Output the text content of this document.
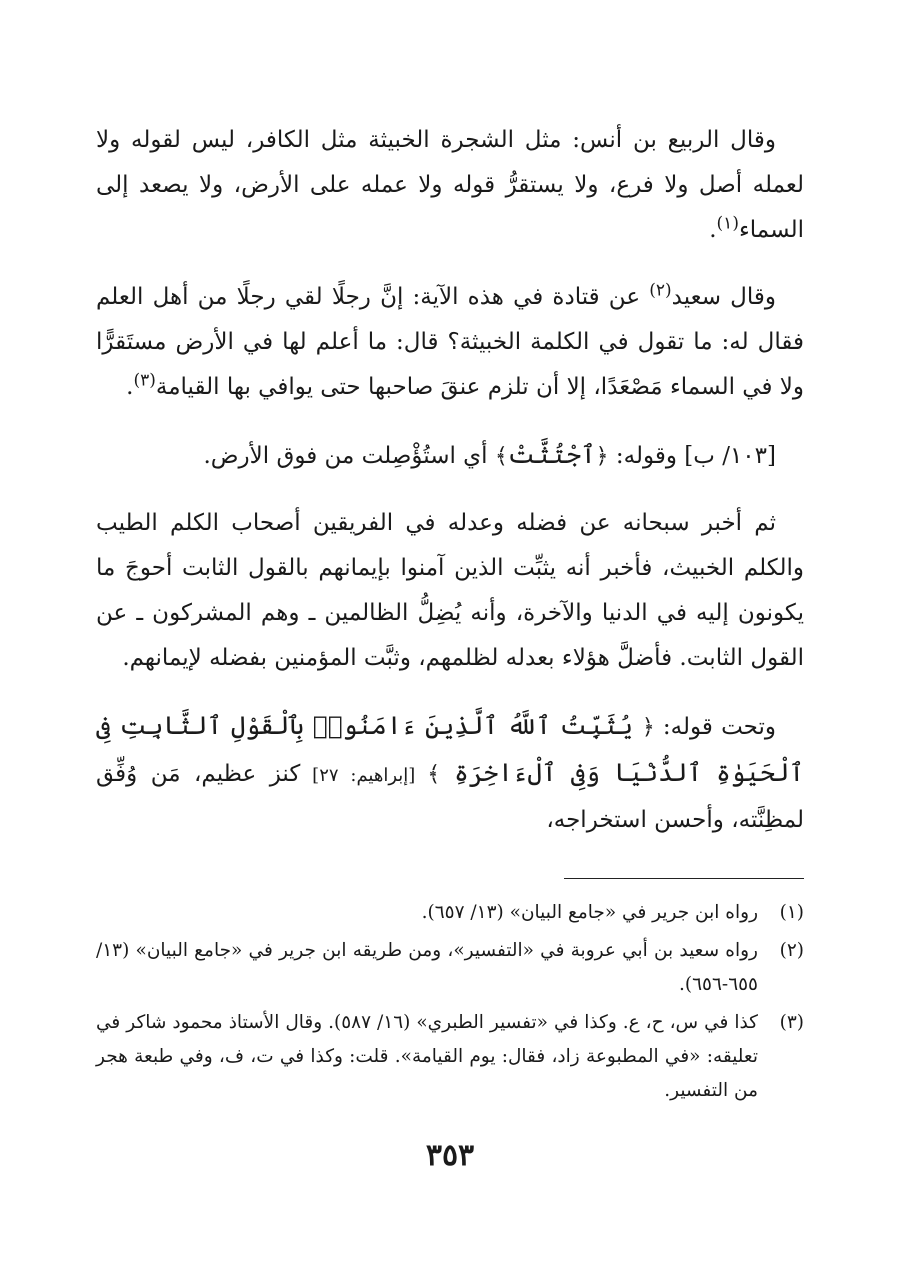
وقال الربيع بن أنس: مثل الشجرة الخبيثة مثل الكافر، ليس لقوله ولا لعمله أصل ولا فرع، ولا يستقرُّ قوله ولا عمله على الأرض، ولا يصعد إلى السماء$^{(١)}$.

وقال سعيد$^{(٢)}$ عن قتادة في هذه الآية: إنَّ رجلًا لقي رجلًا من أهل العلم فقال له: ما تقول في الكلمة الخبيثة؟ قال: ما أعلم لها في الأرض مستَقرًّا ولا في السماء مَصْعَدًا، إلا أن تلزم عنقَ صاحبها حتى يوافي بها القيامة$^{(٣)}$.

[١٠٣/ ب] وقوله: ﴿ٱجْتُثَّتْ﴾ أي استُؤْصِلت من فوق الأرض.

ثم أخبر سبحانه عن فضله وعدله في الفريقين أصحاب الكلم الطيب والكلم الخبيث، فأخبر أنه يثبِّت الذين آمنوا بإيمانهم بالقول الثابت أحوجَ ما يكونون إليه في الدنيا والآخرة، وأنه يُضِلُّ الظالمين ـ وهم المشركون ـ عن القول الثابت. فأضلَّ هؤلاء بعدله لظلمهم، وثبَّت المؤمنين بفضله لإيمانهم.

وتحت قوله: ﴿ يُثَبِّتُ ٱللَّهُ ٱلَّذِينَ ءَامَنُوا۟ بِٱلْقَوْلِ ٱلثَّابِتِ فِى ٱلْحَيَوٰةِ ٱلدُّنْيَا وَفِى ٱلْءَاخِرَةِ ﴾ [إبراهيم: ٢٧] كنز عظيم، مَن وُفِّق لمظِنَّته، وأحسن استخراجه،

(١)
رواه ابن جرير في «جامع البيان» (١٣/ ٦٥٧).
(٢)
رواه سعيد بن أبي عروبة في «التفسير»، ومن طريقه ابن جرير في «جامع البيان» (١٣/ ٦٥٥-٦٥٦).
(٣)
كذا في س، ح، ع. وكذا في «تفسير الطبري» (١٦/ ٥٨٧). وقال الأستاذ محمود شاكر في تعليقه: «في المطبوعة زاد، فقال: يوم القيامة». قلت: وكذا في ت، ف، وفي طبعة هجر من التفسير.
٣٥٣
